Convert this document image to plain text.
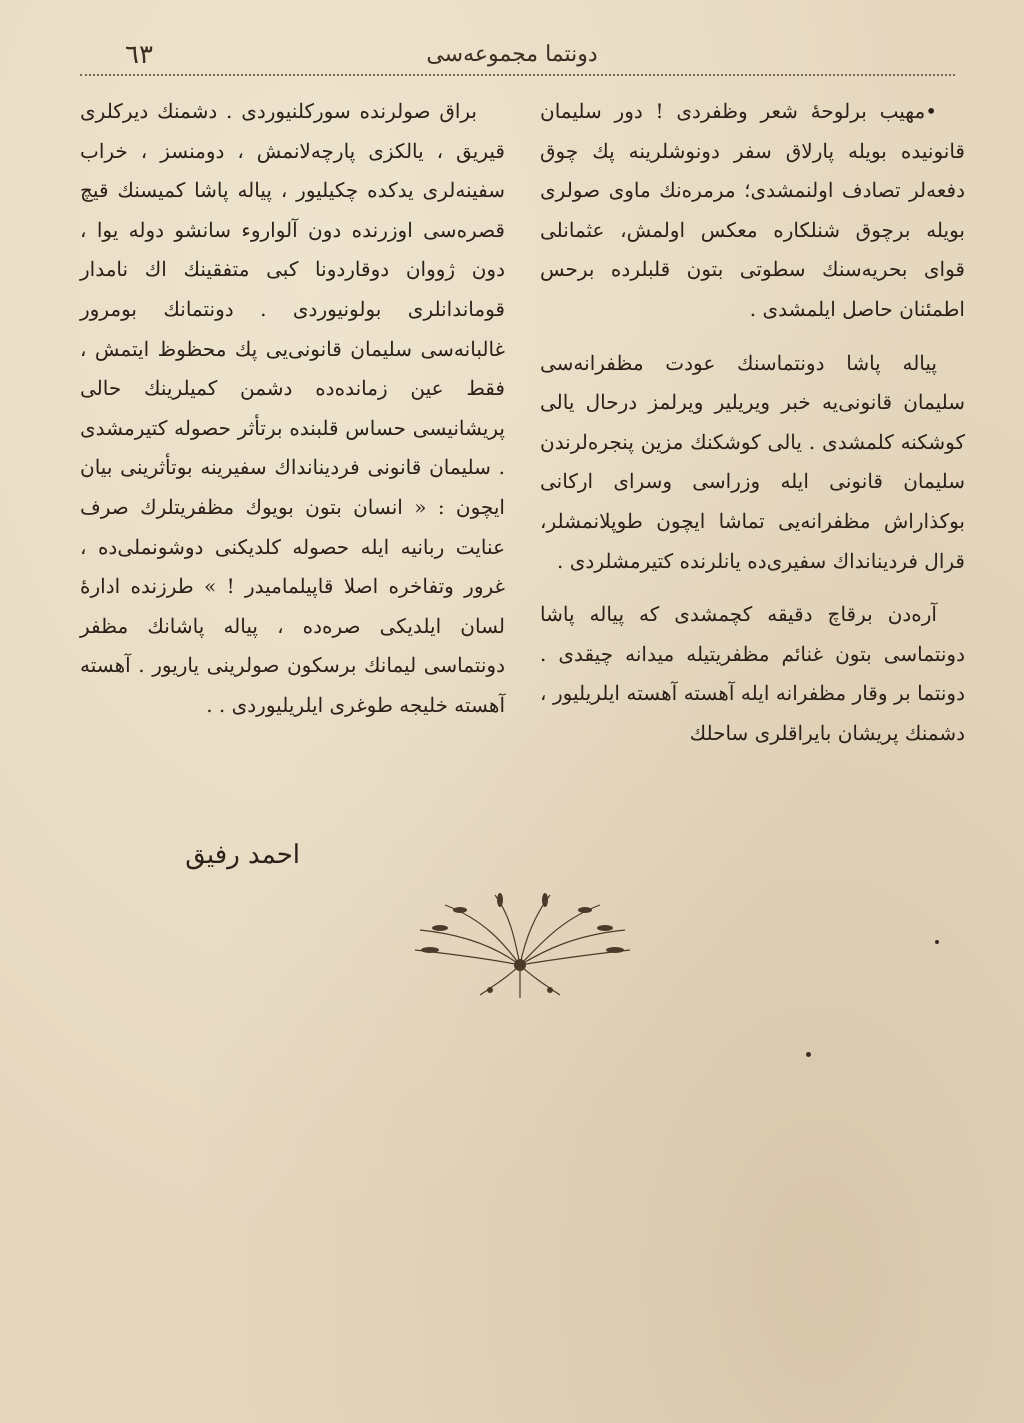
٦٣	دونتما مجموعه‌سی

•مهیب برلوحهٔ شعر وظفردی ! دور سلیمان قانونیده بویله پارلاق سفر دونوشلرینه پك چوق دفعه‌لر تصادف اولنمشدی؛ مرمره‌نك ماوی صولری بویله برچوق شنلکاره معکس اولمش، عثمانلی قوای بحریه‌سنك سطوتی بتون قلبلرده برحس اطمئنان حاصل ایلمشدی .

پیاله پاشا دونتماسنك عودت مظفرانه‌سی سلیمان قانونی‌یه خبر ویریلیر ویرلمز درحال یالی کوشکنه کلمشدی . یالی کوشکنك مزین پنجره‌لرندن سلیمان قانونی ایله وزراسی وسرای ارکانی بوکذاراش مظفرانه‌یی تماشا ایچون طوپلانمشلر، قرال فردینانداك سفیری‌ده یانلرنده کتیرمشلردی .

آره‌دن برقاچ دقیقه کچمشدی که پیاله پاشا دونتماسی بتون غنائم مظفریتیله میدانه چیقدی . دونتما بر وقار مظفرانه ایله آهسته آهسته ایلریلیور ، دشمنك پریشان بایراقلری ساحلك

براق صولرنده سورکلنیوردی . دشمنك دیرکلری قیریق ، یالکزی پارچه‌لانمش ، دومنسز ، خراب سفینه‌لری یدکده چکیلیور ، پیاله پاشا کمیسنك قیچ قصره‌سی اوزرنده دون آلواروء سانشو دوله یوا ، دون ژووان دوقاردونا کبی متفقینك اك نامدار قوماندانلری بولونیوردی . دونتمانك بومرور غالبانه‌سی سلیمان قانونی‌یی پك محظوظ ایتمش ، فقط عین زمانده‌ده دشمن کمیلرینك حالی پریشانیسی حساس قلبنده برتأثر حصوله کتیرمشدی . سلیمان قانونی فردینانداك سفیرینه بوتأثرینی بیان ایچون : « انسان بتون بویوك مظفریتلرك صرف عنایت ربانیه ایله حصوله کلدیکنی دوشونملی‌ده ، غرور وتفاخره اصلا قاپیلمامیدر ! » طرزنده ادارهٔ لسان ایلدیکی صره‌ده ، پیاله پاشانك مظفر دونتماسی لیمانك برسکون صولرینی یاریور . آهسته آهسته خلیجه طوغری ایلریلیوردی . .

احمد رفیق
